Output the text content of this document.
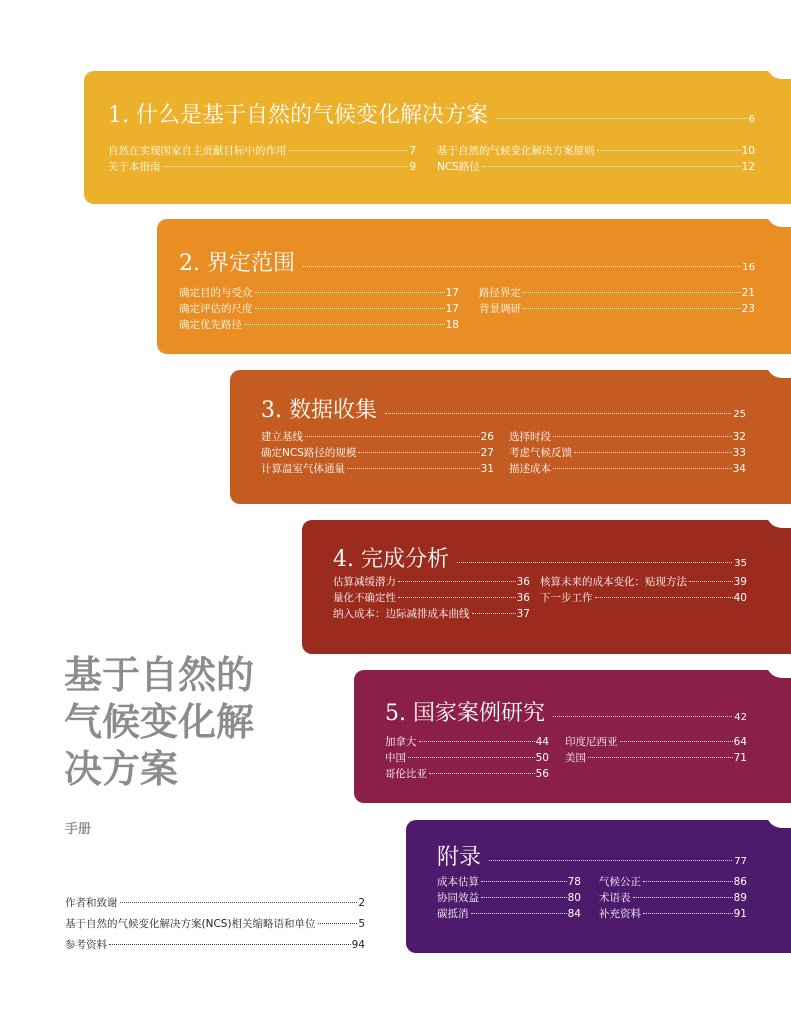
1. 什么是基于自然的气候变化解决方案	6
自然在实现国家自主贡献目标中的作用	7
关于本指南	9
基于自然的气候变化解决方案原则	10
NCS路径	12
2. 界定范围	16
确定目的与受众	17
确定评估的尺度	17
确定优先路径	18
路径界定	21
背景调研	23
3. 数据收集	25
建立基线	26
确定NCS路径的规模	27
计算温室气体通量	31
选择时段	32
考虑气候反馈	33
描述成本	34
4. 完成分析	35
估算减缓潜力	36
量化不确定性	36
纳入成本：边际减排成本曲线	37
核算未来的成本变化：贴现方法	39
下一步工作	40
基于自然的
气候变化解
决方案
手册
5. 国家案例研究	42
加拿大	44
中国	50
哥伦比亚	56
印度尼西亚	64
美国	71
附录	77
成本估算	78
协同效益	80
碳抵消	84
气候公正	86
术语表	89
补充资料	91
作者和致谢	2
基于自然的气候变化解决方案(NCS)相关缩略语和单位	5
参考资料	94
